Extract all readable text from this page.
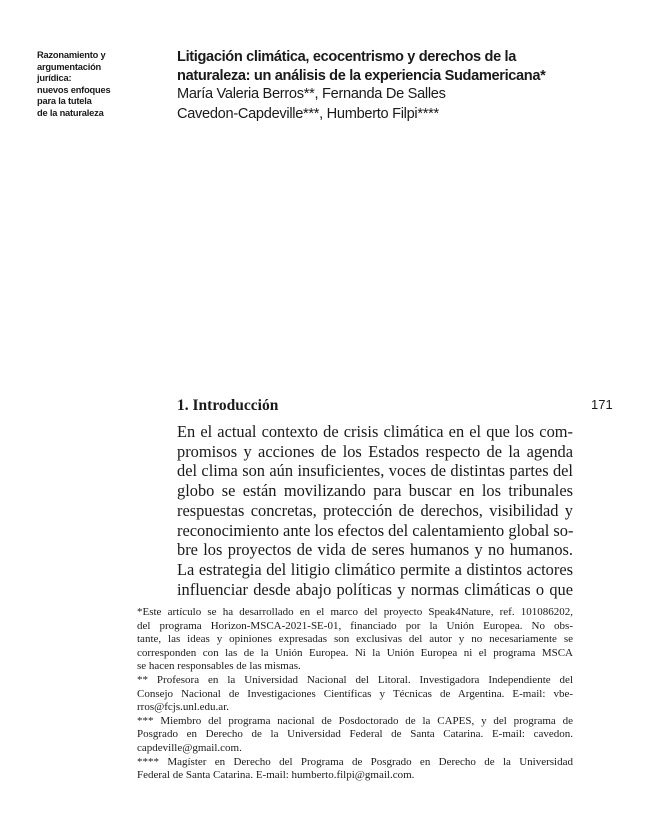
Razonamiento y
argumentación
jurídica:
nuevos enfoques
para la tutela
de la naturaleza
Litigación climática, ecocentrismo y derechos de la
naturaleza: un análisis de la experiencia Sudamericana*
María Valeria Berros**, Fernanda De Salles
Cavedon-Capdeville***, Humberto Filpi****
171
1. Introducción
En el actual contexto de crisis climática en el que los com-
promisos y acciones de los Estados respecto de la agenda
del clima son aún insuficientes, voces de distintas partes del
globo se están movilizando para buscar en los tribunales
respuestas concretas, protección de derechos, visibilidad y
reconocimiento ante los efectos del calentamiento global so-
bre los proyectos de vida de seres humanos y no humanos.
La estrategia del litigio climático permite a distintos actores
influenciar desde abajo políticas y normas climáticas o que
*Este artículo se ha desarrollado en el marco del proyecto Speak4Nature, ref. 101086202,
del programa Horizon-MSCA-2021-SE-01, financiado por la Unión Europea. No obs-
tante, las ideas y opiniones expresadas son exclusivas del autor y no necesariamente se
corresponden con las de la Unión Europea. Ni la Unión Europea ni el programa MSCA
se hacen responsables de las mismas.
** Profesora en la Universidad Nacional del Litoral. Investigadora Independiente del
Consejo Nacional de Investigaciones Científicas y Técnicas de Argentina. E-mail: vbe-
rros@fcjs.unl.edu.ar.
*** Miembro del programa nacional de Posdoctorado de la CAPES, y del programa de
Posgrado en Derecho de la Universidad Federal de Santa Catarina. E-mail: cavedon.
capdeville@gmail.com.
**** Magíster en Derecho del Programa de Posgrado en Derecho de la Universidad
Federal de Santa Catarina. E-mail: humberto.filpi@gmail.com.
